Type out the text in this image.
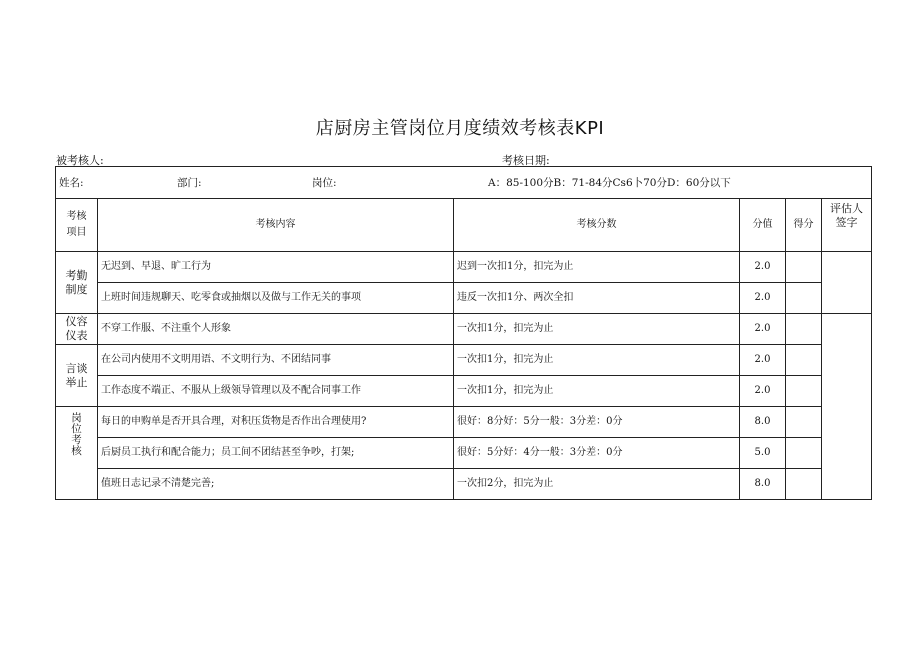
店厨房主管岗位月度绩效考核表KPI
被考核人:	考核日期:
姓名: 部门: 岗位: A：85-100分B：71-84分Cs6卜70分D：60分以下					

考核项目	考核内容	考核分数	分值	得分	评估人签字
考勤制度	无迟到、早退、旷工行为	迟到一次扣1分，扣完为止	2.0		
	上班时间违规聊天、吃零食或抽烟以及做与工作无关的事项	违反一次扣1分、两次全扣	2.0		
仪容仪表	不穿工作服、不注重个人形象	一次扣1分，扣完为止	2.0		
言谈举止	在公司内使用不文明用语、不文明行为、不团结同事	一次扣1分，扣完为止	2.0		
	工作态度不端正、不服从上级领导管理以及不配合同事工作	一次扣1分，扣完为止	2.0		
岗位考核	每日的申购单是否开具合理，对积压货物是否作出合理使用?	很好：8分好：5分一般：3分差：0分	8.0		
	后厨员工执行和配合能力；员工间不团结甚至争吵，打架;	很好：5分好：4分一般：3分差：0分	5.0		
	值班日志记录不清楚完善;	一次扣2分，扣完为止	8.0		
